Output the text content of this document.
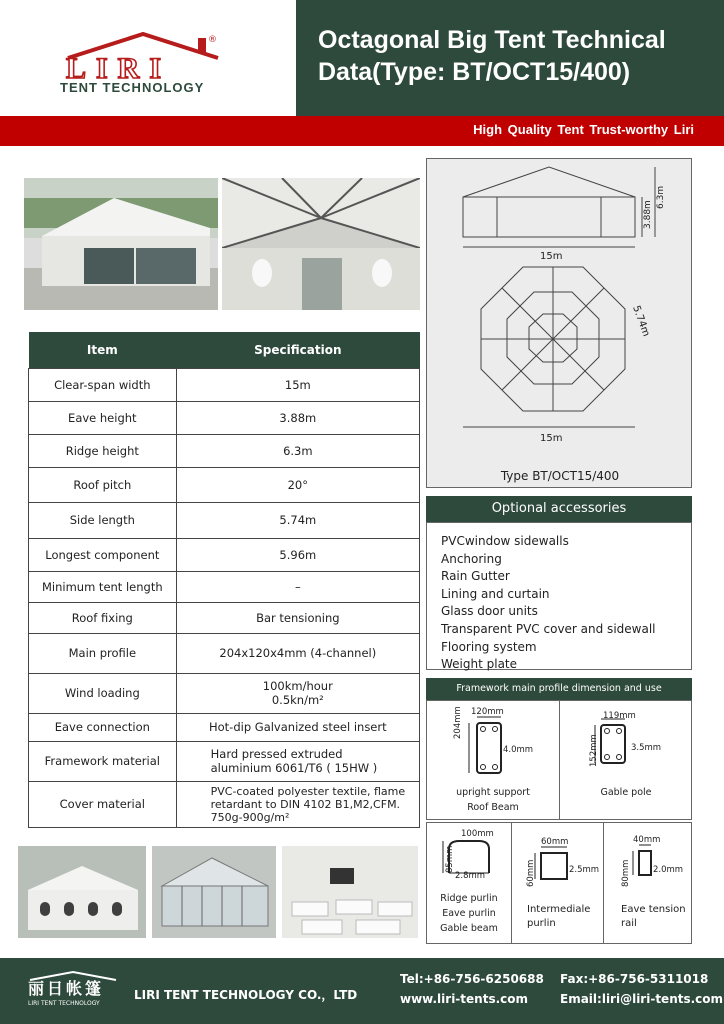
LIRI
®
TENT TECHNOLOGY
Octagonal Big Tent Technical
Data(Type: BT/OCT15/400)
High Quality Tent Trust-worthy Liri
15m
3.88m
6.3m
5.74m
15m
Type BT/OCT15/400
Item	Specification
Clear-span width	15m
Eave height	3.88m
Ridge height	6.3m
Roof pitch	20°
Side length	5.74m
Longest component	5.96m
Minimum tent length	–
Roof fixing	Bar tensioning
Main profile	204x120x4mm (4-channel)
Wind loading	100km/hour
0.5kn/m²

Eave connection	Hot-dip Galvanized steel insert
Framework material	Hard pressed extruded
aluminium 6061/T6 ( 15HW )

Cover material	PVC-coated polyester textile, flame
retardant to DIN 4102 B1,M2,CFM.
750g-900g/m²
Optional accessories
PVCwindow sidewalls
Anchoring
Rain Gutter
Lining and curtain
Glass door units
Transparent PVC cover and sidewall
Flooring system
Weight plate
Framework main profile dimension and use
120mm
204mm
4.0mm
upright support
Roof Beam
119mm
152mm	3.5mm
Gable pole
100mm
85mm
2.8mm
Ridge purlin
Eave purlin
Gable beam
60mm
60mm	2.5mm
Intermediale
purlin
40mm
80mm	2.0mm
Eave tension
rail
丽日帐篷
LIRI TENT TECHNOLOGY
LIRI TENT TECHNOLOGY CO.，LTD
Tel:+86-756-6250688 Fax:+86-756-5311018
www.liri-tents.com	Email:liri@liri-tents.com
